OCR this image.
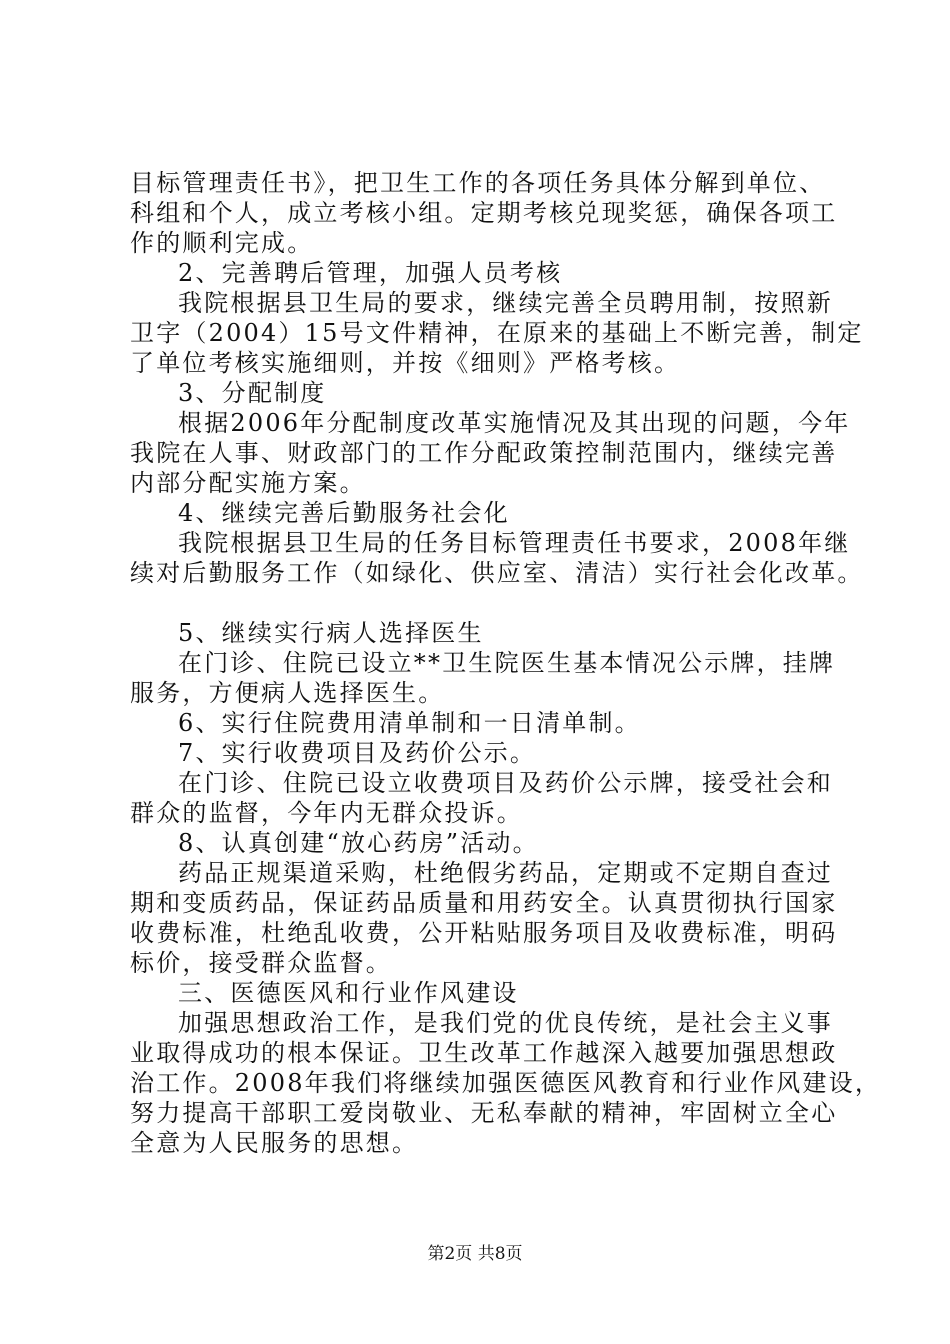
目标管理责任书》，把卫生工作的各项任务具体分解到单位、
科组和个人，成立考核小组。定期考核兑现奖惩，确保各项工
作的顺利完成。
2、完善聘后管理，加强人员考核
我院根据县卫生局的要求，继续完善全员聘用制，按照新
卫字（2004）15号文件精神，在原来的基础上不断完善，制定
了单位考核实施细则，并按《细则》严格考核。
3、分配制度
根据2006年分配制度改革实施情况及其出现的问题，今年
我院在人事、财政部门的工作分配政策控制范围内，继续完善
内部分配实施方案。
4、继续完善后勤服务社会化
我院根据县卫生局的任务目标管理责任书要求，2008年继
续对后勤服务工作（如绿化、供应室、清洁）实行社会化改革。
5、继续实行病人选择医生
在门诊、住院已设立**卫生院医生基本情况公示牌，挂牌
服务，方便病人选择医生。
6、实行住院费用清单制和一日清单制。
7、实行收费项目及药价公示。
在门诊、住院已设立收费项目及药价公示牌，接受社会和
群众的监督，今年内无群众投诉。
8、认真创建“放心药房”活动。
药品正规渠道采购，杜绝假劣药品，定期或不定期自查过
期和变质药品，保证药品质量和用药安全。认真贯彻执行国家
收费标准，杜绝乱收费，公开粘贴服务项目及收费标准，明码
标价，接受群众监督。
三、医德医风和行业作风建设
加强思想政治工作，是我们党的优良传统，是社会主义事
业取得成功的根本保证。卫生改革工作越深入越要加强思想政
治工作。2008年我们将继续加强医德医风教育和行业作风建设，
努力提高干部职工爱岗敬业、无私奉献的精神，牢固树立全心
全意为人民服务的思想。
第2页 共8页
